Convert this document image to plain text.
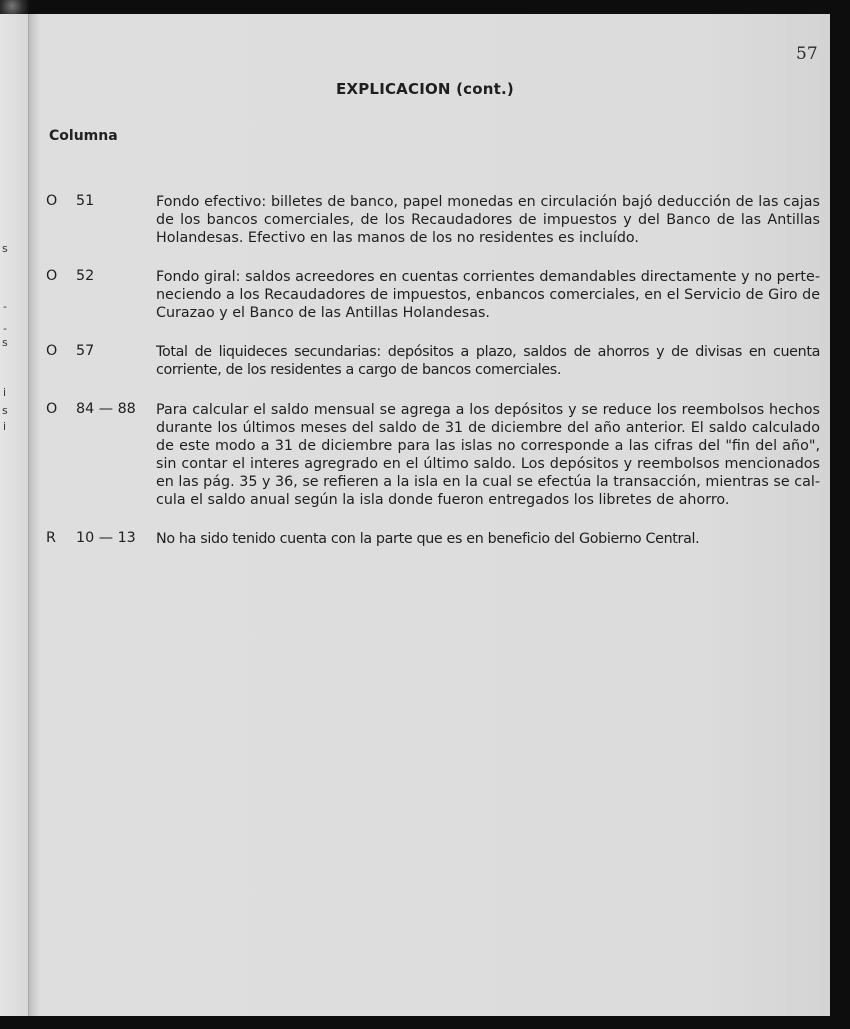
s
-
-
s
i
s
i
57
EXPLICACION (cont.)
Columna
O 51	Fondo efectivo: billetes de banco, papel monedas en circulación bajó deducción de las cajas
de los bancos comerciales, de los Recaudadores de impuestos y del Banco de las Antillas
Holandesas. Efectivo en las manos de los no residentes es incluído.
O 52	Fondo giral: saldos acreedores en cuentas corrientes demandables directamente y no perte-
neciendo a los Recaudadores de impuestos, enbancos comerciales, en el Servicio de Giro de
Curazao y el Banco de las Antillas Holandesas.
O 57	Total de liquideces secundarias: depósitos a plazo, saldos de ahorros y de divisas en cuenta
corriente, de los residentes a cargo de bancos comerciales.
O 84 — 88	Para calcular el saldo mensual se agrega a los depósitos y se reduce los reembolsos hechos
durante los últimos meses del saldo de 31 de diciembre del año anterior. El saldo calculado
de este modo a 31 de diciembre para las islas no corresponde a las cifras del "fin del año",
sin contar el interes agregrado en el último saldo. Los depósitos y reembolsos mencionados
en las pág. 35 y 36, se refieren a la isla en la cual se efectúa la transacción, mientras se cal-
cula el saldo anual según la isla donde fueron entregados los libretes de ahorro.
R 10 — 13	No ha sido tenido cuenta con la parte que es en beneficio del Gobierno Central.
